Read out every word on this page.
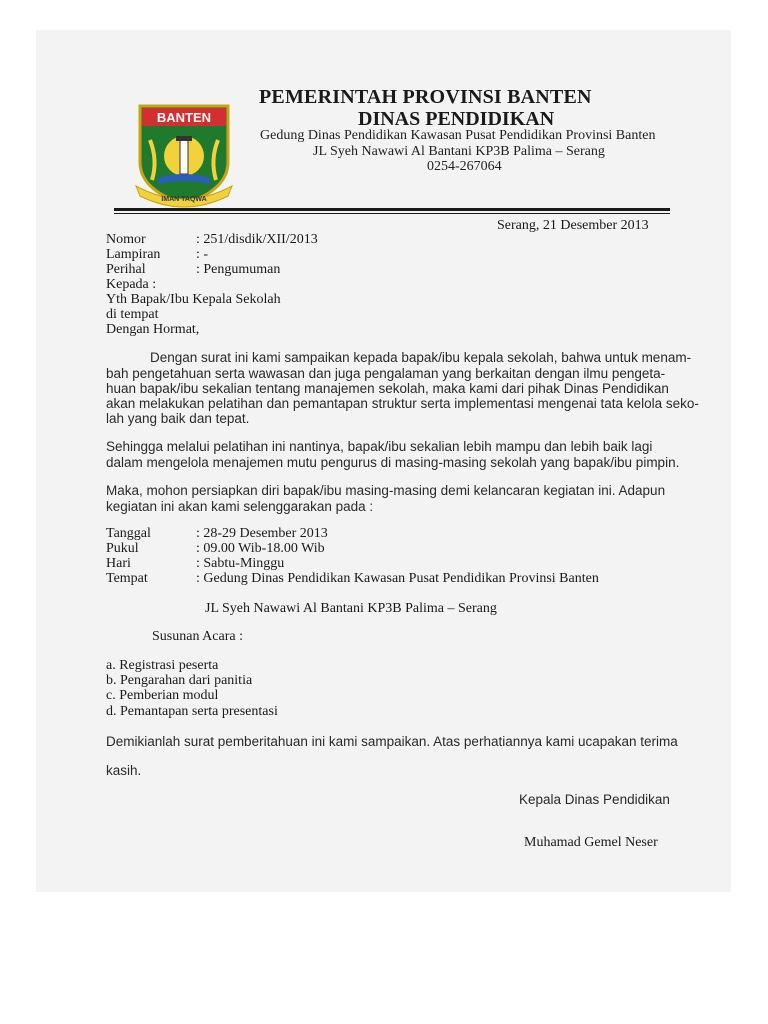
BANTEN
IMAN TAQWA
PEMERINTAH PROVINSI BANTEN
DINAS PENDIDIKAN
Gedung Dinas Pendidikan Kawasan Pusat Pendidikan Provinsi Banten
JL Syeh Nawawi Al Bantani KP3B Palima – Serang
0254-267064
Serang, 21 Desember 2013
Nomor	: 251/disdik/XII/2013
Lampiran	: -
Perihal	: Pengumuman
Kepada :
Yth Bapak/Ibu Kepala Sekolah
di tempat
Dengan Hormat,
Dengan surat ini kami sampaikan kepada bapak/ibu kepala sekolah, bahwa untuk menam-
bah pengetahuan serta wawasan dan juga pengalaman yang berkaitan dengan ilmu pengeta-
huan bapak/ibu sekalian tentang manajemen sekolah, maka kami dari pihak Dinas Pendidikan
akan melakukan pelatihan dan pemantapan struktur serta implementasi mengenai tata kelola seko-
lah yang baik dan tepat.
Sehingga melalui pelatihan ini nantinya, bapak/ibu sekalian lebih mampu dan lebih baik lagi
dalam mengelola menajemen mutu pengurus di masing-masing sekolah yang bapak/ibu pimpin.
Maka, mohon persiapkan diri bapak/ibu masing-masing demi kelancaran kegiatan ini. Adapun
kegiatan ini akan kami selenggarakan pada :
Tanggal	: 28-29 Desember 2013
Pukul	: 09.00 Wib-18.00 Wib
Hari	: Sabtu-Minggu
Tempat	: Gedung Dinas Pendidikan Kawasan Pusat Pendidikan Provinsi Banten
JL Syeh Nawawi Al Bantani KP3B Palima – Serang
Susunan Acara :
a. Registrasi peserta
b. Pengarahan dari panitia
c. Pemberian modul
d. Pemantapan serta presentasi
Demikianlah surat pemberitahuan ini kami sampaikan. Atas perhatiannya kami ucapakan terima
kasih.
Kepala Dinas Pendidikan
Muhamad Gemel Neser
